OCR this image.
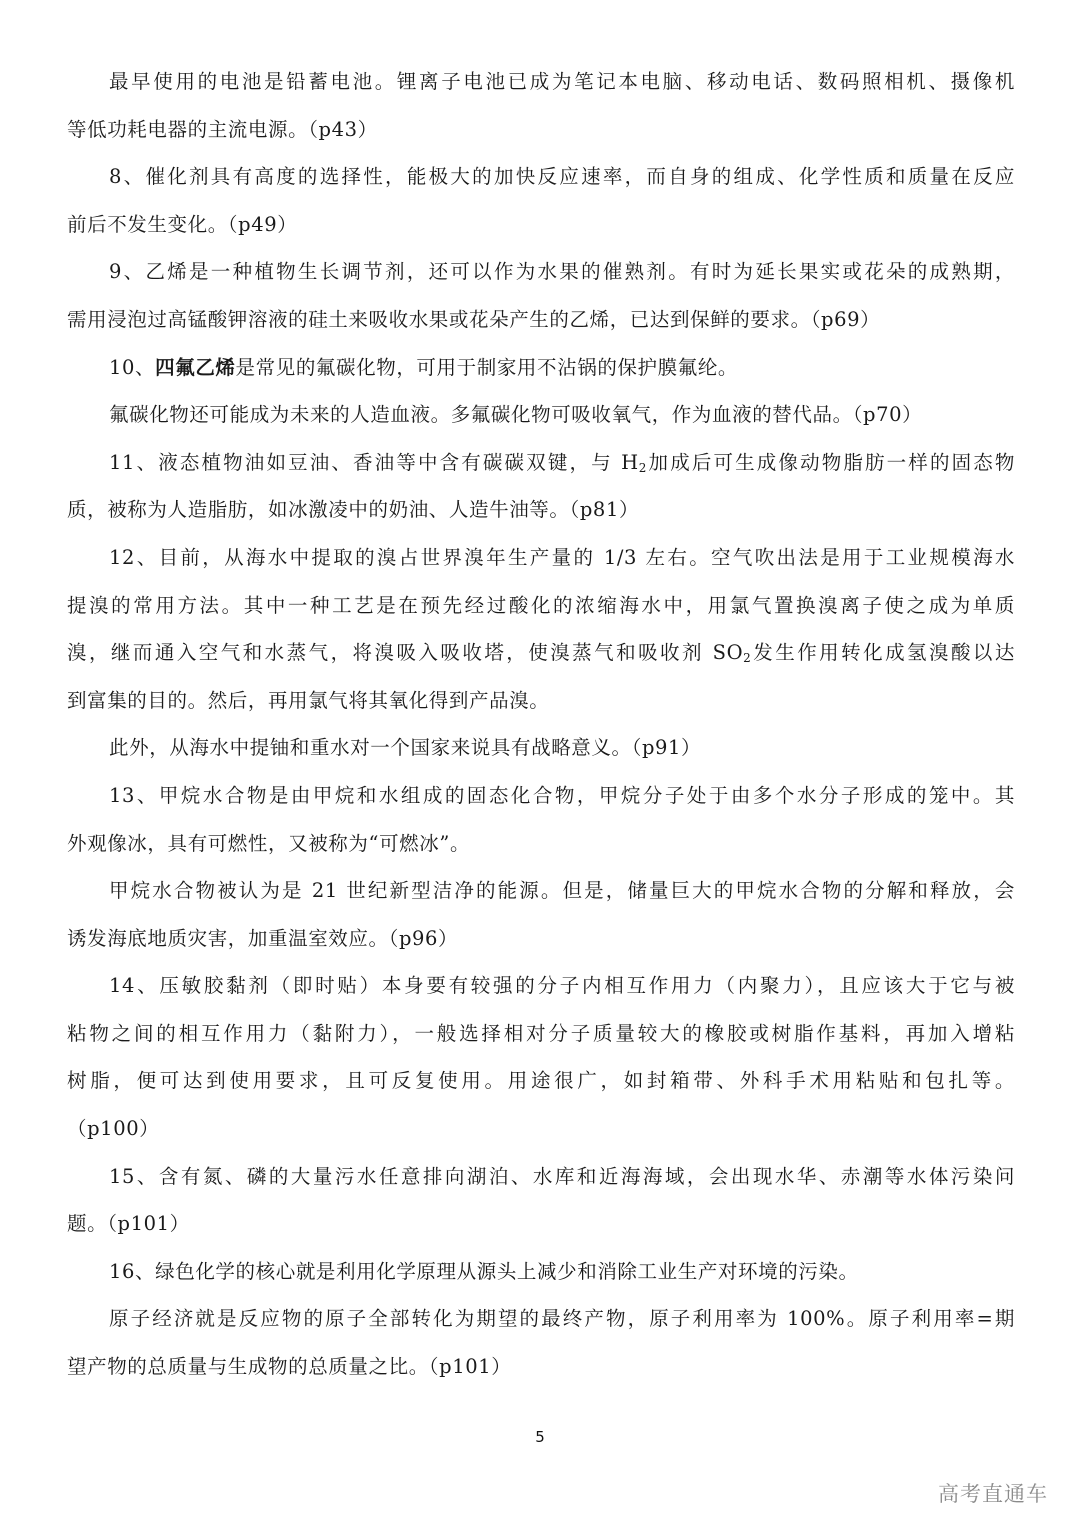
最早使用的电池是铅蓄电池。锂离子电池已成为笔记本电脑、移动电话、数码照相机、摄像机
等低功耗电器的主流电源。（p43）
8、催化剂具有高度的选择性，能极大的加快反应速率，而自身的组成、化学性质和质量在反应
前后不发生变化。（p49）
9、乙烯是一种植物生长调节剂，还可以作为水果的催熟剂。有时为延长果实或花朵的成熟期，
需用浸泡过高锰酸钾溶液的硅土来吸收水果或花朵产生的乙烯，已达到保鲜的要求。（p69）
10、四氟乙烯是常见的氟碳化物，可用于制家用不沾锅的保护膜氟纶。
氟碳化物还可能成为未来的人造血液。多氟碳化物可吸收氧气，作为血液的替代品。（p70）
11、液态植物油如豆油、香油等中含有碳碳双键，与 $H_2$加成后可生成像动物脂肪一样的固态物
质，被称为人造脂肪，如冰激凌中的奶油、人造牛油等。（p81）
12、目前，从海水中提取的溴占世界溴年生产量的 1/3 左右。空气吹出法是用于工业规模海水
提溴的常用方法。其中一种工艺是在预先经过酸化的浓缩海水中，用氯气置换溴离子使之成为单质
溴，继而通入空气和水蒸气，将溴吸入吸收塔，使溴蒸气和吸收剂 $SO_2$发生作用转化成氢溴酸以达
到富集的目的。然后，再用氯气将其氧化得到产品溴。
此外，从海水中提铀和重水对一个国家来说具有战略意义。（p91）
13、甲烷水合物是由甲烷和水组成的固态化合物，甲烷分子处于由多个水分子形成的笼中。其
外观像冰，具有可燃性，又被称为“可燃冰”。
甲烷水合物被认为是 21 世纪新型洁净的能源。但是，储量巨大的甲烷水合物的分解和释放，会
诱发海底地质灾害，加重温室效应。（p96）
14、压敏胶黏剂（即时贴）本身要有较强的分子内相互作用力（内聚力），且应该大于它与被
粘物之间的相互作用力（黏附力），一般选择相对分子质量较大的橡胶或树脂作基料，再加入增粘
树脂，便可达到使用要求，且可反复使用。用途很广，如封箱带、外科手术用粘贴和包扎等。
（p100）
15、含有氮、磷的大量污水任意排向湖泊、水库和近海海域，会出现水华、赤潮等水体污染问
题。（p101）
16、绿色化学的核心就是利用化学原理从源头上减少和消除工业生产对环境的污染。
原子经济就是反应物的原子全部转化为期望的最终产物，原子利用率为 100%。原子利用率=期
望产物的总质量与生成物的总质量之比。（p101）
5
高考直通车
